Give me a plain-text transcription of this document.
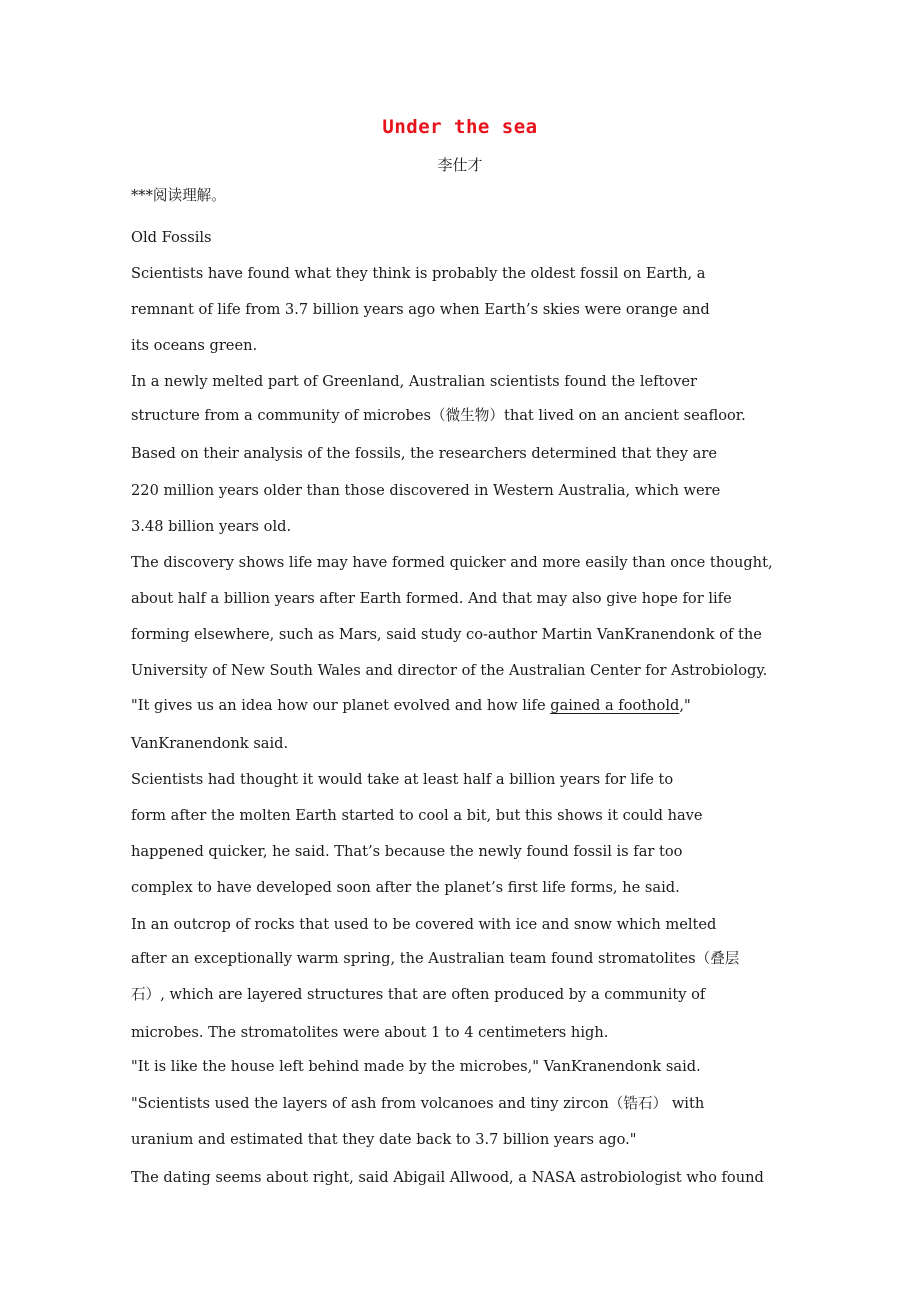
Under the sea
李仕才
***阅读理解。
Old Fossils
Scientists have found what they think is probably the oldest fossil on Earth, a
remnant of life from 3.7 billion years ago when Earth’s skies were orange and
its oceans green.
In a newly melted part of Greenland, Australian scientists found the leftover
structure from a community of microbes（微生物）that lived on an ancient seafloor.
Based on their analysis of the fossils, the researchers determined that they are
220 million years older than those discovered in Western Australia, which were
3.48 billion years old.
The discovery shows life may have formed quicker and more easily than once thought,
about half a billion years after Earth formed. And that may also give hope for life
forming elsewhere, such as Mars, said study co-author Martin VanKranendonk of the
University of New South Wales and director of the Australian Center for Astrobiology.
"It gives us an idea how our planet evolved and how life gained a foothold,"
VanKranendonk said.
Scientists had thought it would take at least half a billion years for life to
form after the molten Earth started to cool a bit, but this shows it could have
happened quicker, he said. That’s because the newly found fossil is far too
complex to have developed soon after the planet’s first life forms, he said.
In an outcrop of rocks that used to be covered with ice and snow which melted
after an exceptionally warm spring, the Australian team found stromatolites（叠层
石）, which are layered structures that are often produced by a community of
microbes. The stromatolites were about 1 to 4 centimeters high.
"It is like the house left behind made by the microbes," VanKranendonk said.
"Scientists used the layers of ash from volcanoes and tiny zircon（锆石） with
uranium and estimated that they date back to 3.7 billion years ago."
The dating seems about right, said Abigail Allwood, a NASA astrobiologist who found
